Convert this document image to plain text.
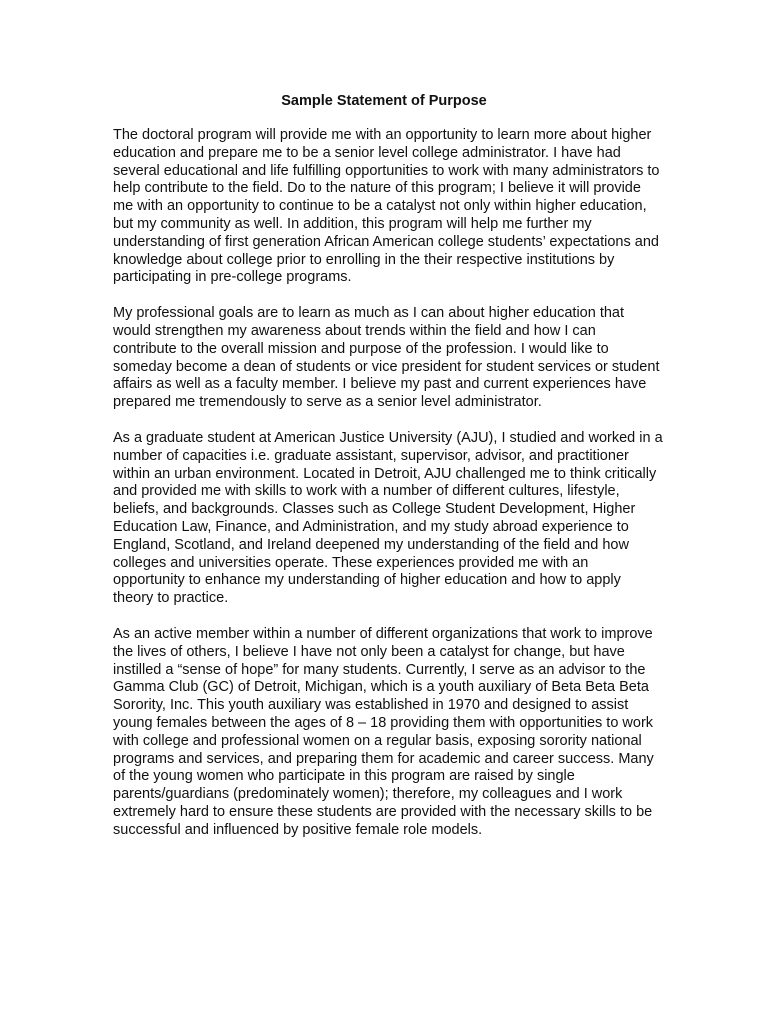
Sample Statement of Purpose

The doctoral program will provide me with an opportunity to learn more about higher education and prepare me to be a senior level college administrator. I have had several educational and life fulfilling opportunities to work with many administrators to help contribute to the field. Do to the nature of this program; I believe it will provide me with an opportunity to continue to be a catalyst not only within higher education, but my community as well. In addition, this program will help me further my understanding of first generation African American college students’ expectations and knowledge about college prior to enrolling in the their respective institutions by participating in pre-college programs.

My professional goals are to learn as much as I can about higher education that would strengthen my awareness about trends within the field and how I can contribute to the overall mission and purpose of the profession. I would like to someday become a dean of students or vice president for student services or student affairs as well as a faculty member. I believe my past and current experiences have prepared me tremendously to serve as a senior level administrator.

As a graduate student at American Justice University (AJU), I studied and worked in a number of capacities i.e. graduate assistant, supervisor, advisor, and practitioner within an urban environment. Located in Detroit, AJU challenged me to think critically and provided me with skills to work with a number of different cultures, lifestyle, beliefs, and backgrounds. Classes such as College Student Development, Higher Education Law, Finance, and Administration, and my study abroad experience to England, Scotland, and Ireland deepened my understanding of the field and how colleges and universities operate. These experiences provided me with an opportunity to enhance my understanding of higher education and how to apply theory to practice.

As an active member within a number of different organizations that work to improve the lives of others, I believe I have not only been a catalyst for change, but have instilled a “sense of hope” for many students. Currently, I serve as an advisor to the Gamma Club (GC) of Detroit, Michigan, which is a youth auxiliary of Beta Beta Beta Sorority, Inc. This youth auxiliary was established in 1970 and designed to assist young females between the ages of 8 – 18 providing them with opportunities to work with college and professional women on a regular basis, exposing sorority national programs and services, and preparing them for academic and career success. Many of the young women who participate in this program are raised by single parents/guardians (predominately women); therefore, my colleagues and I work extremely hard to ensure these students are provided with the necessary skills to be successful and influenced by positive female role models.
